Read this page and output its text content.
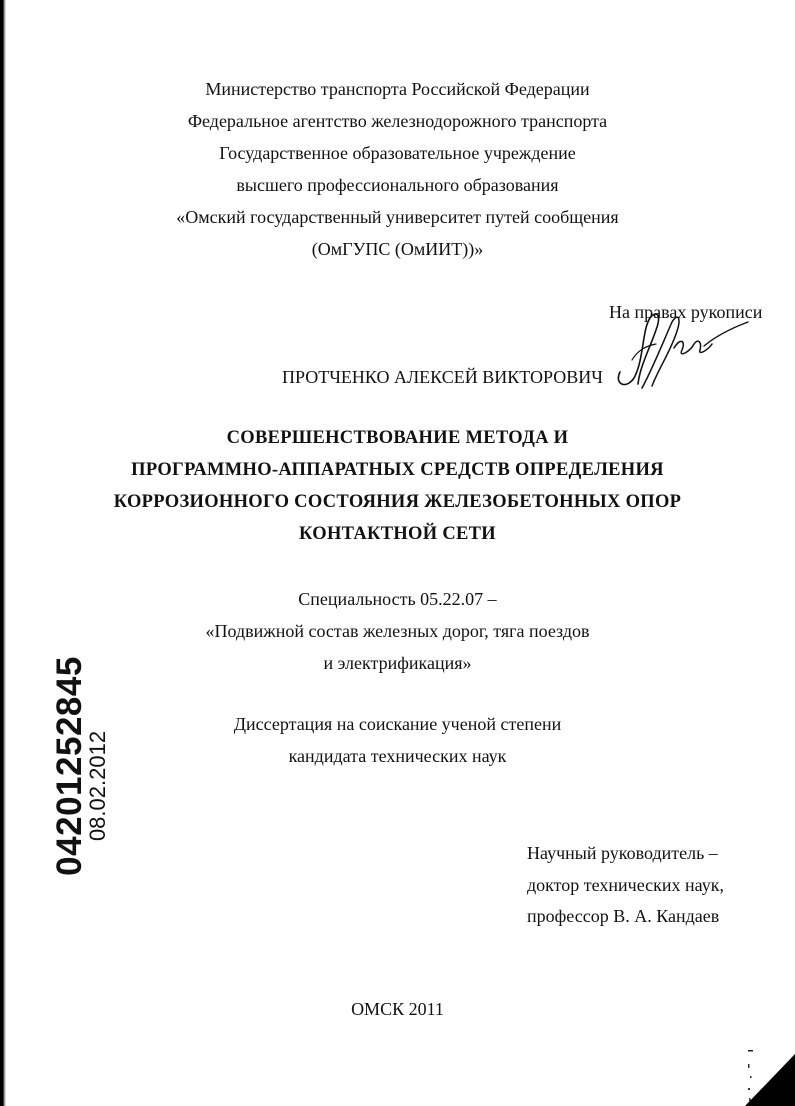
Министерство транспорта Российской Федерации
Федеральное агентство железнодорожного транспорта
Государственное образовательное учреждение
высшего профессионального образования
«Омский государственный университет путей сообщения
(ОмГУПС (ОмИИТ))»
На правах рукописи
ПРОТЧЕНКО АЛЕКСЕЙ ВИКТОРОВИЧ
СОВЕРШЕНСТВОВАНИЕ МЕТОДА И
ПРОГРАММНО-АППАРАТНЫХ СРЕДСТВ ОПРЕДЕЛЕНИЯ
КОРРОЗИОННОГО СОСТОЯНИЯ ЖЕЛЕЗОБЕТОННЫХ ОПОР
КОНТАКТНОЙ СЕТИ
Специальность 05.22.07 –
«Подвижной состав железных дорог, тяга поездов
и электрификация»
Диссертация на соискание ученой степени
кандидата технических наук
Научный руководитель –
доктор технических наук,
профессор В. А. Кандаев
ОМСК 2011
04201252845
08.02.2012
